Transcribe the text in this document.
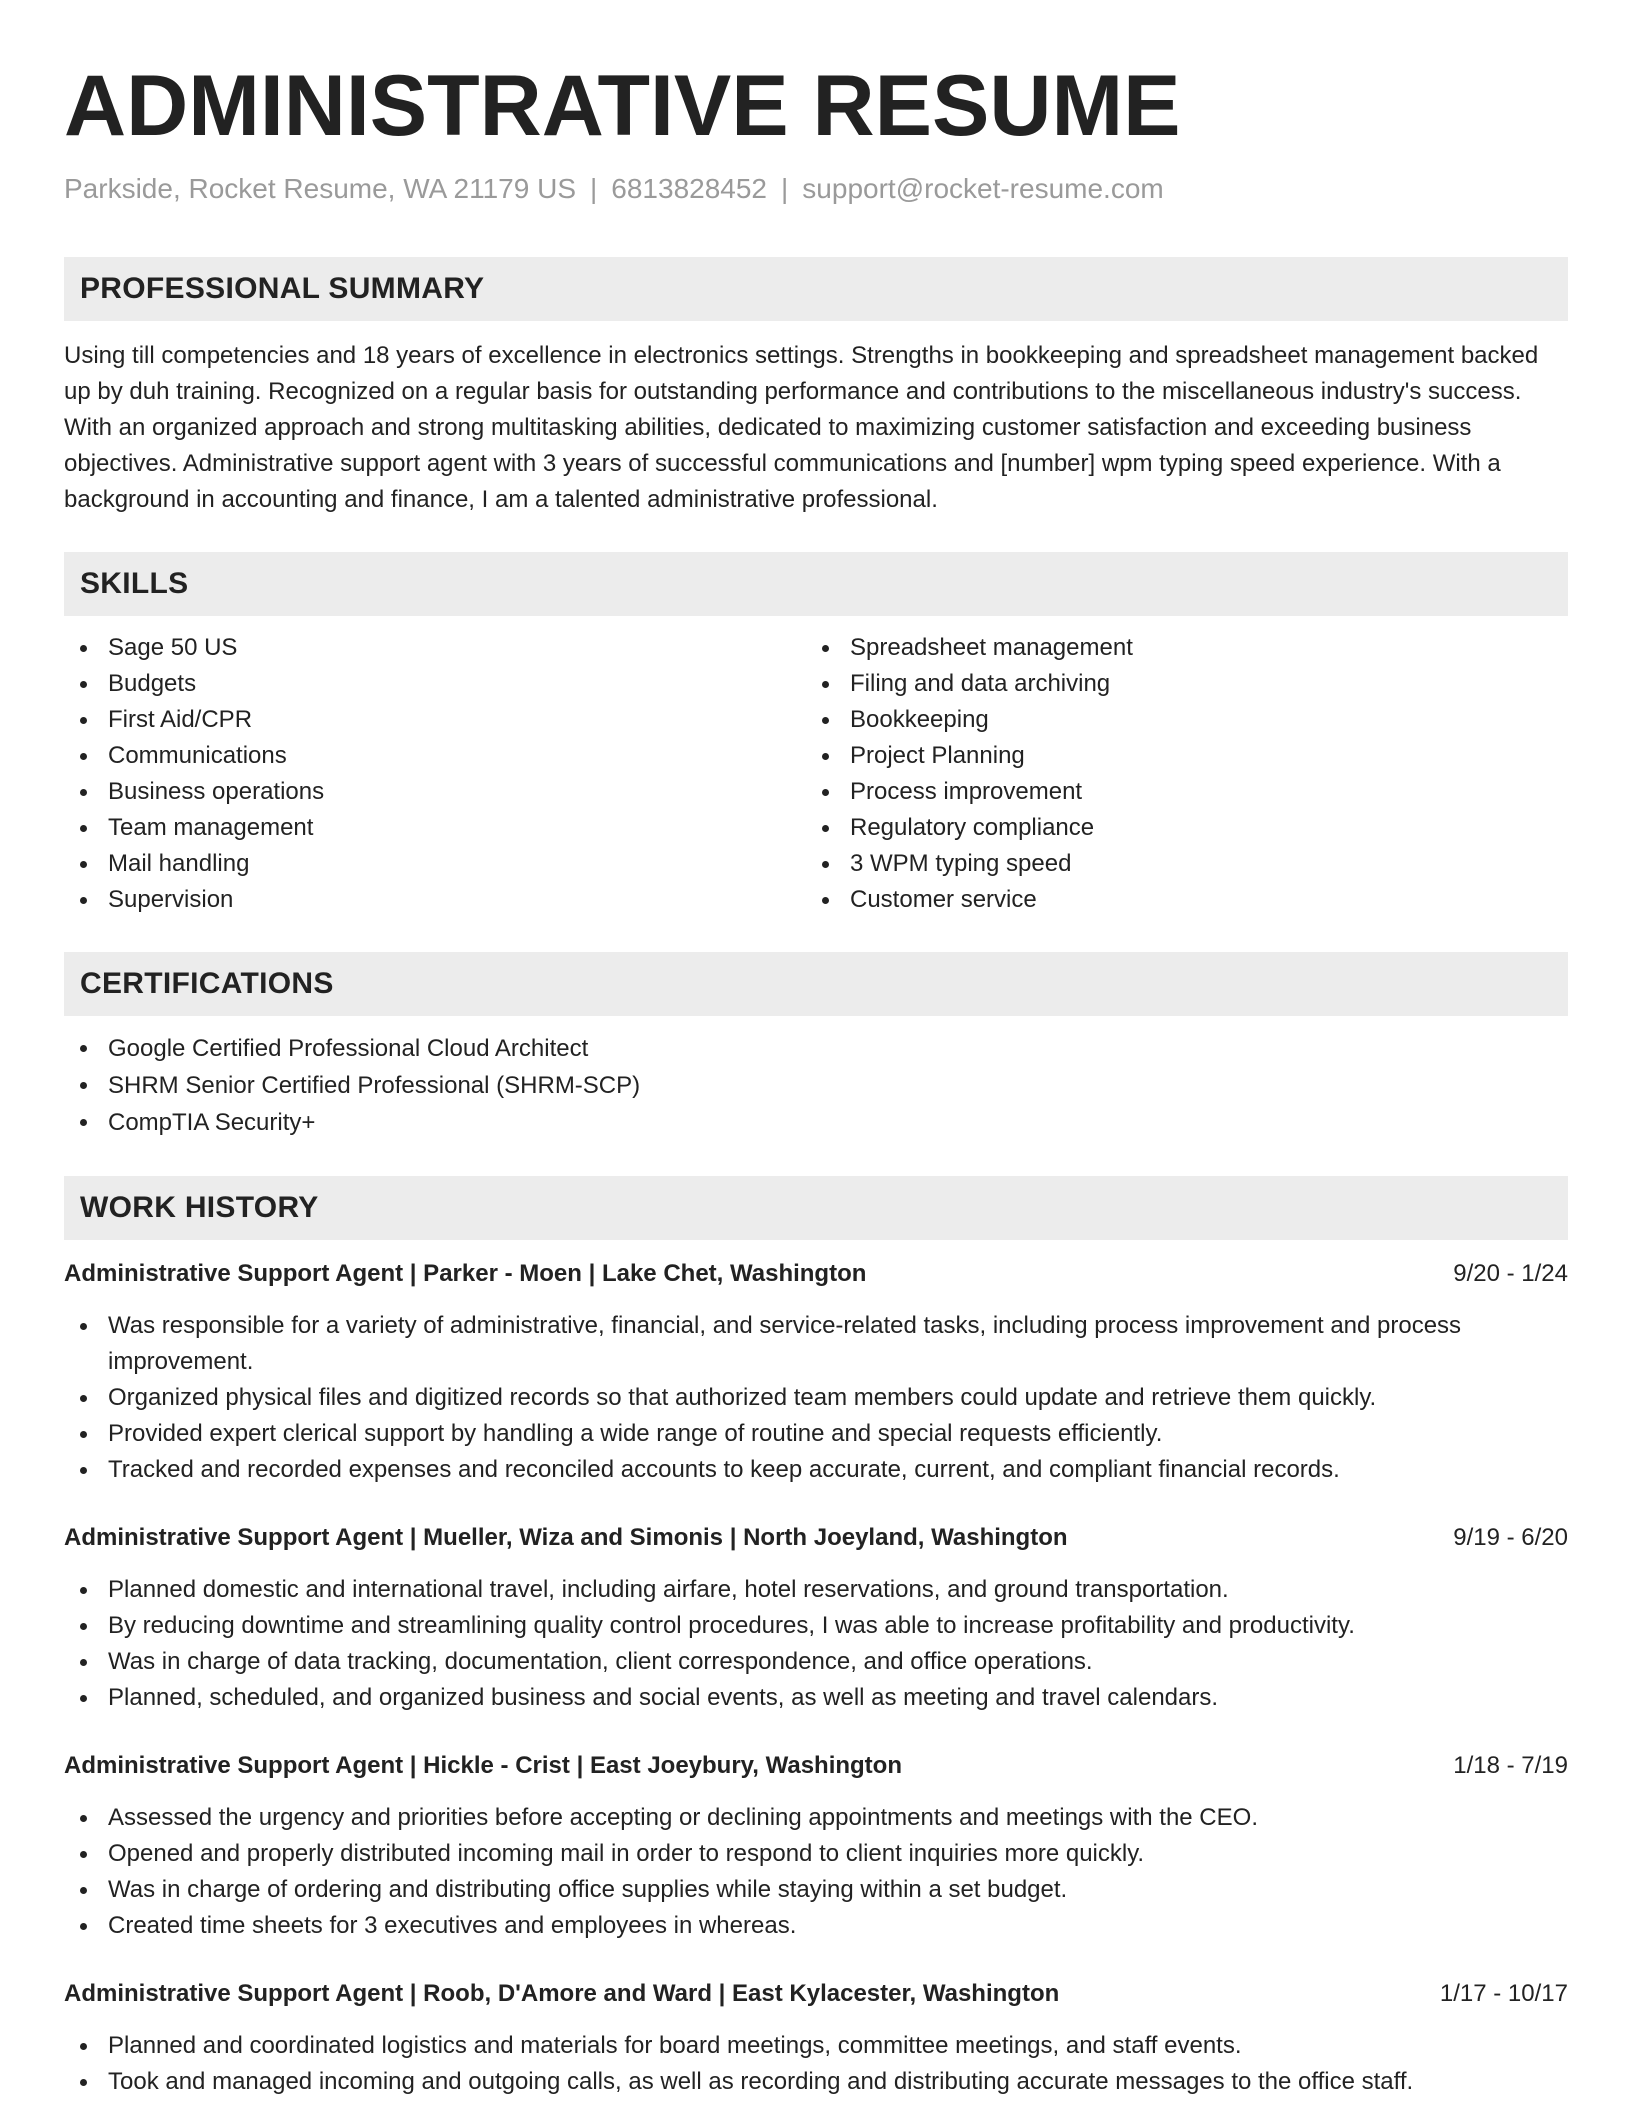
ADMINISTRATIVE RESUME
Parkside, Rocket Resume, WA 21179 US | 6813828452 | support@rocket-resume.com
PROFESSIONAL SUMMARY

Using till competencies and 18 years of excellence in electronics settings. Strengths in bookkeeping and spreadsheet management backed up by duh training. Recognized on a regular basis for outstanding performance and contributions to the miscellaneous industry's success. With an organized approach and strong multitasking abilities, dedicated to maximizing customer satisfaction and exceeding business objectives. Administrative support agent with 3 years of successful communications and [number] wpm typing speed experience. With a background in accounting and finance, I am a talented administrative professional.

SKILLS
Sage 50 US
Budgets
First Aid/CPR
Communications
Business operations
Team management
Mail handling
Supervision
Spreadsheet management
Filing and data archiving
Bookkeeping
Project Planning
Process improvement
Regulatory compliance
3 WPM typing speed
Customer service
CERTIFICATIONS
Google Certified Professional Cloud Architect
SHRM Senior Certified Professional (SHRM-SCP)
CompTIA Security+
WORK HISTORY
Administrative Support Agent | Parker - Moen | Lake Chet, Washington	9/20 - 1/24
Was responsible for a variety of administrative, financial, and service-related tasks, including process improvement and process improvement.
Organized physical files and digitized records so that authorized team members could update and retrieve them quickly.
Provided expert clerical support by handling a wide range of routine and special requests efficiently.
Tracked and recorded expenses and reconciled accounts to keep accurate, current, and compliant financial records.
Administrative Support Agent | Mueller, Wiza and Simonis | North Joeyland, Washington	9/19 - 6/20
Planned domestic and international travel, including airfare, hotel reservations, and ground transportation.
By reducing downtime and streamlining quality control procedures, I was able to increase profitability and productivity.
Was in charge of data tracking, documentation, client correspondence, and office operations.
Planned, scheduled, and organized business and social events, as well as meeting and travel calendars.
Administrative Support Agent | Hickle - Crist | East Joeybury, Washington	1/18 - 7/19
Assessed the urgency and priorities before accepting or declining appointments and meetings with the CEO.
Opened and properly distributed incoming mail in order to respond to client inquiries more quickly.
Was in charge of ordering and distributing office supplies while staying within a set budget.
Created time sheets for 3 executives and employees in whereas.
Administrative Support Agent | Roob, D'Amore and Ward | East Kylacester, Washington	1/17 - 10/17
Planned and coordinated logistics and materials for board meetings, committee meetings, and staff events.
Took and managed incoming and outgoing calls, as well as recording and distributing accurate messages to the office staff.
